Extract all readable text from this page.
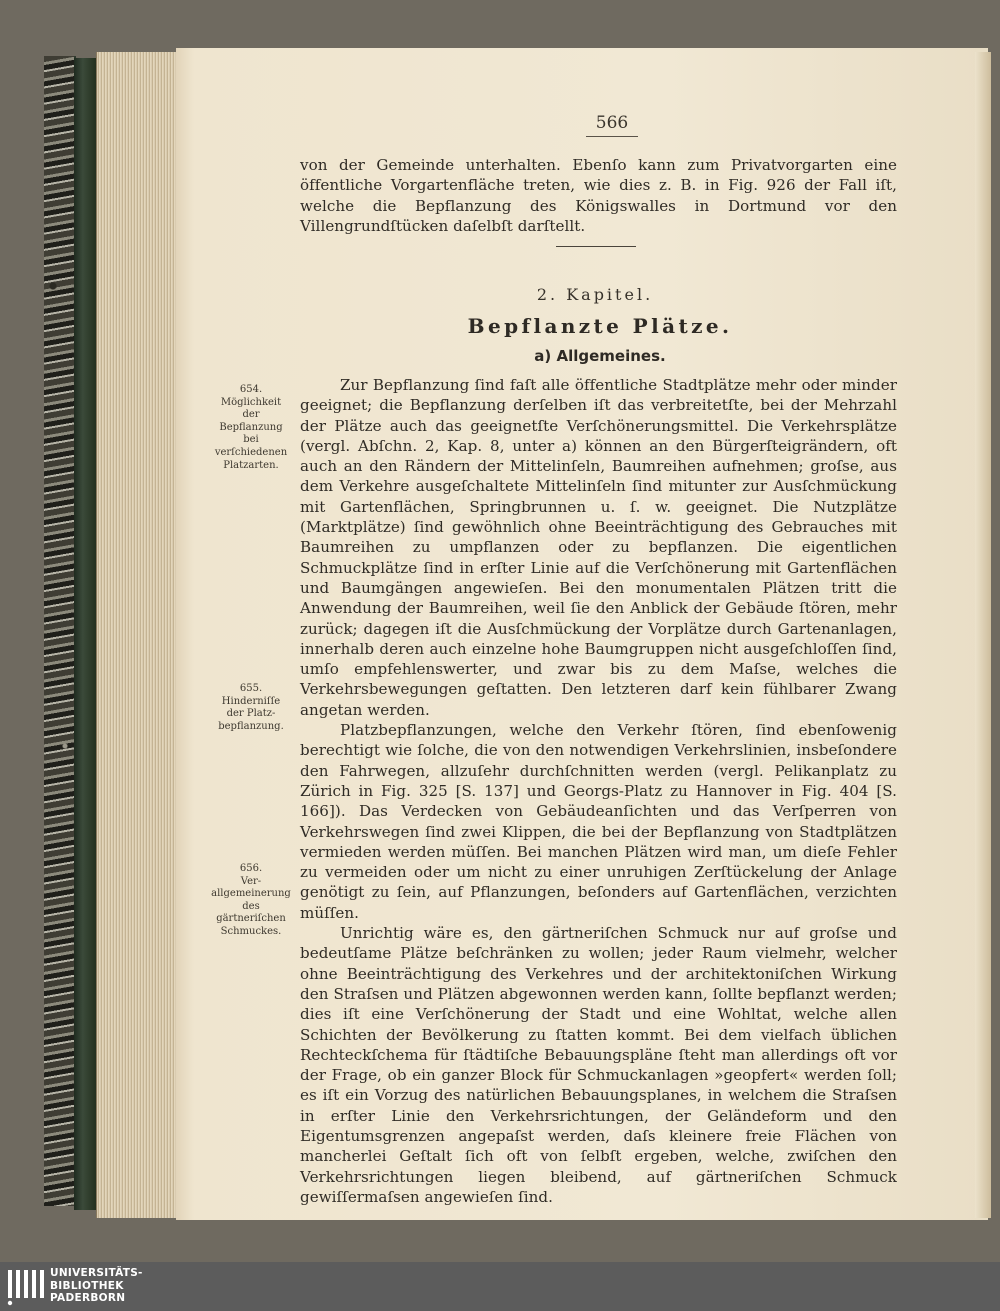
566

von der Gemeinde unterhalten. Ebenſo kann zum Privatvorgarten eine öffentliche Vorgartenfläche treten, wie dies z. B. in Fig. 926 der Fall iſt, welche die Bepflanzung des Königswalles in Dortmund vor den Villengrundſtücken daſelbſt darſtellt.

2. Kapitel.
Bepflanzte Plätze.
a) Allgemeines.
654.
Möglichkeit
der
Bepflanzung
bei
verſchiedenen
Platzarten.
655.
Hinderniſſe
der Platz-
bepflanzung.
656.
Ver-
allgemeinerung
des
gärtneriſchen
Schmuckes.

Zur Bepflanzung ſind faſt alle öffentliche Stadtplätze mehr oder minder geeignet; die Bepflanzung derſelben iſt das verbreitetſte, bei der Mehrzahl der Plätze auch das geeignetſte Verſchönerungsmittel. Die Verkehrsplätze (vergl. Abſchn. 2, Kap. 8, unter a) können an den Bürgerſteigrändern, oft auch an den Rändern der Mittelinſeln, Baumreihen aufnehmen; groſse, aus dem Verkehre ausgeſchaltete Mittelinſeln ſind mitunter zur Ausſchmückung mit Gartenflächen, Springbrunnen u. ſ. w. geeignet. Die Nutzplätze (Marktplätze) ſind gewöhnlich ohne Beeinträchtigung des Gebrauches mit Baumreihen zu umpflanzen oder zu bepflanzen. Die eigentlichen Schmuckplätze ſind in erſter Linie auf die Verſchönerung mit Gartenflächen und Baumgängen angewieſen. Bei den monumentalen Plätzen tritt die Anwendung der Baumreihen, weil ſie den Anblick der Gebäude ſtören, mehr zurück; dagegen iſt die Ausſchmückung der Vorplätze durch Gartenanlagen, innerhalb deren auch einzelne hohe Baumgruppen nicht ausgeſchloſſen ſind, umſo empfehlenswerter, und zwar bis zu dem Maſse, welches die Verkehrsbewegungen geſtatten. Den letzteren darf kein fühlbarer Zwang angetan werden.

Platzbepflanzungen, welche den Verkehr ſtören, ſind ebenſowenig berechtigt wie ſolche, die von den notwendigen Verkehrslinien, insbeſondere den Fahrwegen, allzuſehr durchſchnitten werden (vergl. Pelikanplatz zu Zürich in Fig. 325 [S. 137] und Georgs-Platz zu Hannover in Fig. 404 [S. 166]). Das Verdecken von Gebäudeanſichten und das Verſperren von Verkehrswegen ſind zwei Klippen, die bei der Bepflanzung von Stadtplätzen vermieden werden müſſen. Bei manchen Plätzen wird man, um dieſe Fehler zu vermeiden oder um nicht zu einer unruhigen Zerſtückelung der Anlage genötigt zu ſein, auf Pflanzungen, beſonders auf Gartenflächen, verzichten müſſen.

Unrichtig wäre es, den gärtneriſchen Schmuck nur auf groſse und bedeutſame Plätze beſchränken zu wollen; jeder Raum vielmehr, welcher ohne Beeinträchtigung des Verkehres und der architektoniſchen Wirkung den Straſsen und Plätzen abgewonnen werden kann, ſollte bepflanzt werden; dies iſt eine Verſchönerung der Stadt und eine Wohltat, welche allen Schichten der Bevölkerung zu ſtatten kommt. Bei dem vielfach üblichen Rechteckſchema für ſtädtiſche Bebauungspläne ſteht man allerdings oft vor der Frage, ob ein ganzer Block für Schmuckanlagen »geopfert« werden ſoll; es iſt ein Vorzug des natürlichen Bebauungsplanes, in welchem die Straſsen in erſter Linie den Verkehrsrichtungen, der Geländeform und den Eigentumsgrenzen angepaſst werden, daſs kleinere freie Flächen von mancherlei Geſtalt ſich oft von ſelbſt ergeben, welche, zwiſchen den Verkehrsrichtungen liegen bleibend, auf gärtneriſchen Schmuck gewiſſermaſsen angewieſen ſind.

UNIVERSITÄTS-
BIBLIOTHEK
PADERBORN
